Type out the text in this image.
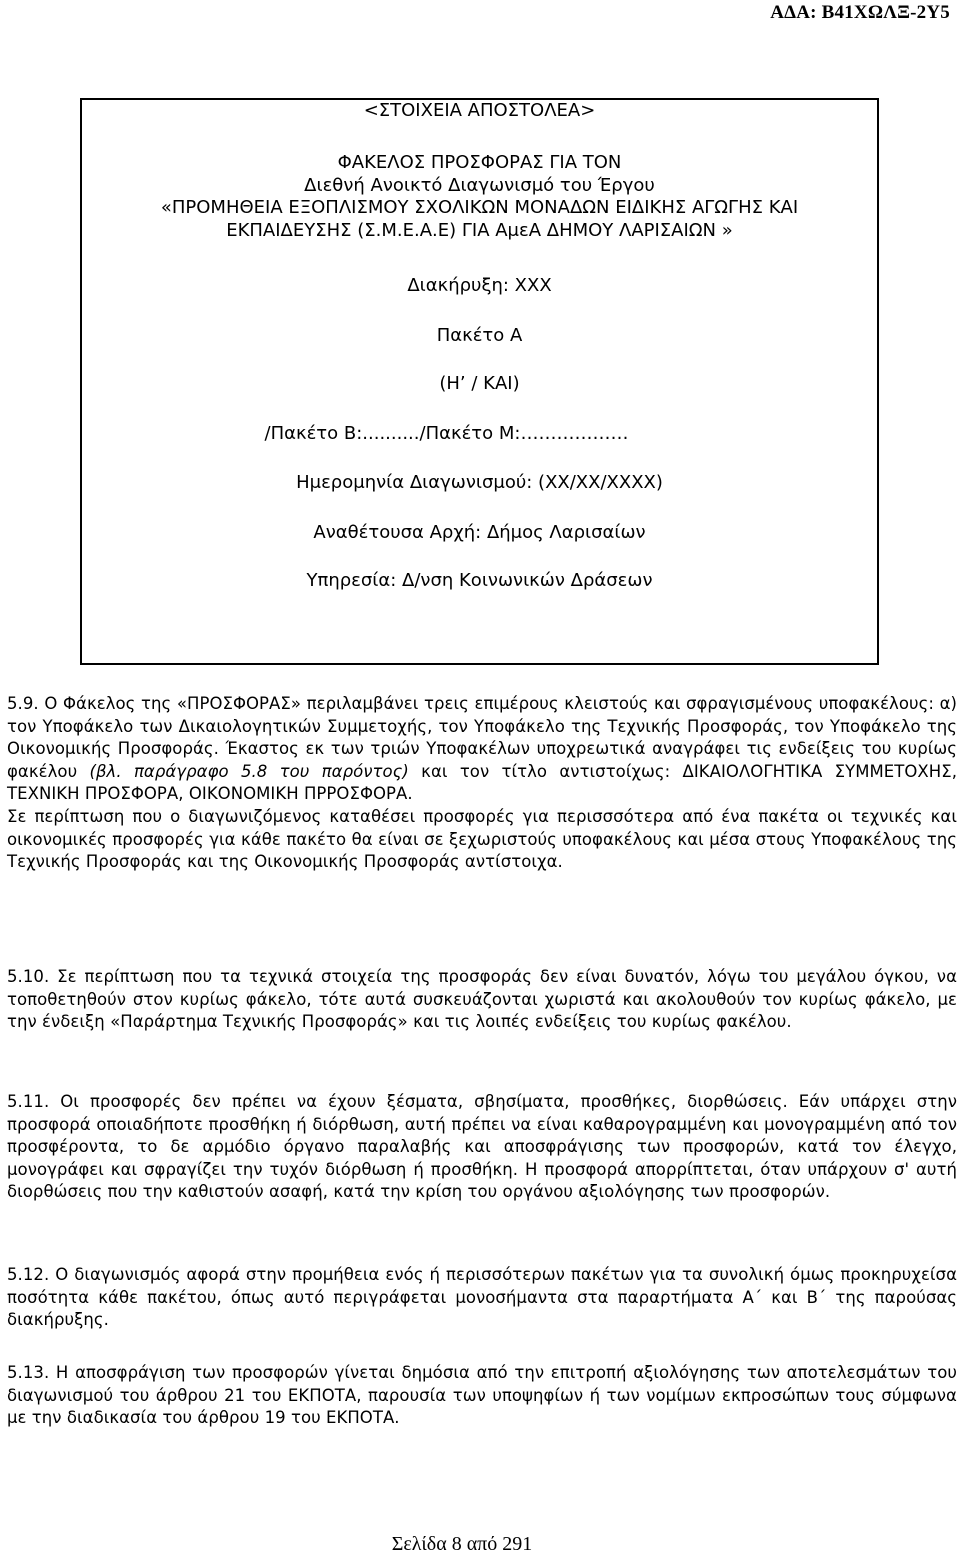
ΑΔΑ: Β41ΧΩΛΞ-2Υ5
<ΣΤΟΙΧΕΙΑ ΑΠΟΣΤΟΛΕΑ>
ΦΑΚΕΛΟΣ ΠΡΟΣΦΟΡΑΣ ΓΙΑ ΤΟΝ
Διεθνή Ανοικτό Διαγωνισμό του Έργου
«ΠΡΟΜΗΘΕΙΑ ΕΞΟΠΛΙΣΜΟΥ ΣΧΟΛΙΚΩΝ ΜΟΝΑΔΩΝ ΕΙΔΙΚΗΣ ΑΓΩΓΗΣ ΚΑΙ
ΕΚΠΑΙΔΕΥΣΗΣ (Σ.Μ.Ε.Α.Ε) ΓΙΑ ΑμεΑ ΔΗΜΟΥ ΛΑΡΙΣΑΙΩΝ »
Διακήρυξη: ΧΧΧ
Πακέτο Α
(Η’ / ΚΑΙ)
/Πακέτο Β:........../Πακέτο Μ:………………
Ημερομηνία Διαγωνισμού: (ΧΧ/ΧΧ/ΧΧΧΧ)
Αναθέτουσα Αρχή: Δήμος Λαρισαίων
Υπηρεσία: Δ/νση Κοινωνικών Δράσεων

5.9. Ο Φάκελος της «ΠΡΟΣΦΟΡΑΣ» περιλαμβάνει τρεις επιμέρους κλειστούς και σφραγισμένους υποφακέλους: α) τον Υποφάκελο των Δικαιολογητικών Συμμετοχής, τον Υποφάκελο της Τεχνικής Προσφοράς, τον Υποφάκελο της Οικονομικής Προσφοράς. Έκαστος εκ των τριών Υποφακέλων υποχρεωτικά αναγράφει τις ενδείξεις του κυρίως φακέλου (βλ. παράγραφο 5.8 του παρόντος) και τον τίτλο αντιστοίχως: ΔΙΚΑΙΟΛΟΓΗΤΙΚΑ ΣΥΜΜΕΤΟΧΗΣ, ΤΕΧΝΙΚΗ ΠΡΟΣΦΟΡΑ, ΟΙΚΟΝΟΜΙΚΗ ΠΡΡΟΣΦΟΡΑ.

Σε περίπτωση που ο διαγωνιζόμενος καταθέσει προσφορές για περισσσότερα από ένα πακέτα οι τεχνικές και οικονομικές προσφορές για κάθε πακέτο θα είναι σε ξεχωριστούς υποφακέλους και μέσα στους Υποφακέλους της Τεχνικής Προσφοράς και της Οικονομικής Προσφοράς αντίστοιχα.

5.10. Σε περίπτωση που τα τεχνικά στοιχεία της προσφοράς δεν είναι δυνατόν, λόγω του μεγάλου όγκου, να τοποθετηθούν στον κυρίως φάκελο, τότε αυτά συσκευάζονται χωριστά και ακολουθούν τον κυρίως φάκελο, με την ένδειξη «Παράρτημα Τεχνικής Προσφοράς» και τις λοιπές ενδείξεις του κυρίως φακέλου.

5.11. Οι προσφορές δεν πρέπει να έχουν ξέσματα, σβησίματα, προσθήκες, διορθώσεις. Εάν υπάρχει στην προσφορά οποιαδήποτε προσθήκη ή διόρθωση, αυτή πρέπει να είναι καθαρογραμμένη και μονογραμμένη από τον προσφέροντα, το δε αρμόδιο όργανο παραλαβής και αποσφράγισης των προσφορών, κατά τον έλεγχο, μονογράφει και σφραγίζει την τυχόν διόρθωση ή προσθήκη. Η προσφορά απορρίπτεται, όταν υπάρχουν σ' αυτή διορθώσεις που την καθιστούν ασαφή, κατά την κρίση του οργάνου αξιολόγησης των προσφορών.

5.12. Ο διαγωνισμός αφορά στην προμήθεια ενός ή περισσότερων πακέτων για τα συνολική όμως προκηρυχείσα ποσότητα κάθε πακέτου, όπως αυτό περιγράφεται μονοσήμαντα στα παραρτήματα Α΄ και Β΄ της παρούσας διακήρυξης.

5.13. Η αποσφράγιση των προσφορών γίνεται δημόσια από την επιτροπή αξιολόγησης των αποτελεσμάτων του διαγωνισμού του άρθρου 21 του ΕΚΠΟΤΑ, παρουσία των υποψηφίων ή των νομίμων εκπροσώπων τους σύμφωνα με την διαδικασία του άρθρου 19 του ΕΚΠΟΤΑ.

Σελίδα 8 από 291
